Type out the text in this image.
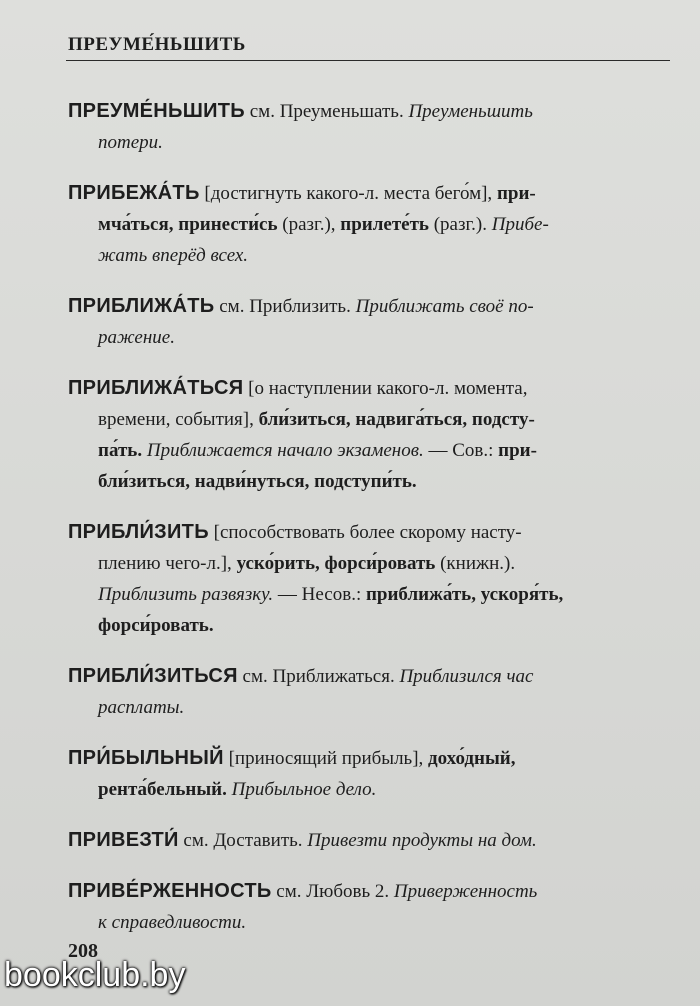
ПРЕУМЕ́НЬШИТЬ
ПРЕУМЕ́НЬШИТЬ см. Преуменьшать. Преуменьшить
потери.
ПРИБЕЖА́ТЬ [достигнуть какого-л. места бего́м], при-
мча́ться, принести́сь (разг.), прилете́ть (разг.). Прибе-
жать вперёд всех.
ПРИБЛИЖА́ТЬ см. Приблизить. Приближать своё по-
ражение.
ПРИБЛИЖА́ТЬСЯ [о наступлении какого-л. момента,
времени, события], бли́зиться, надвига́ться, подсту-
па́ть. Приближается начало экзаменов. — Сов.: при-
бли́зиться, надви́нуться, подступи́ть.
ПРИБЛИ́ЗИТЬ [способствовать более скорому насту-
плению чего-л.], уско́рить, форси́ровать (книжн.).
Приблизить развязку. — Несов.: приближа́ть, ускоря́ть,
форси́ровать.
ПРИБЛИ́ЗИТЬСЯ см. Приближаться. Приблизился час
расплаты.
ПРИ́БЫЛЬНЫЙ [приносящий прибыль], дохо́дный,
рента́бельный. Прибыльное дело.
ПРИВЕЗТИ́ см. Доставить. Привезти продукты на дом.
ПРИВЕ́РЖЕННОСТЬ см. Любовь 2. Приверженность
к справедливости.
208
bookclub.by
